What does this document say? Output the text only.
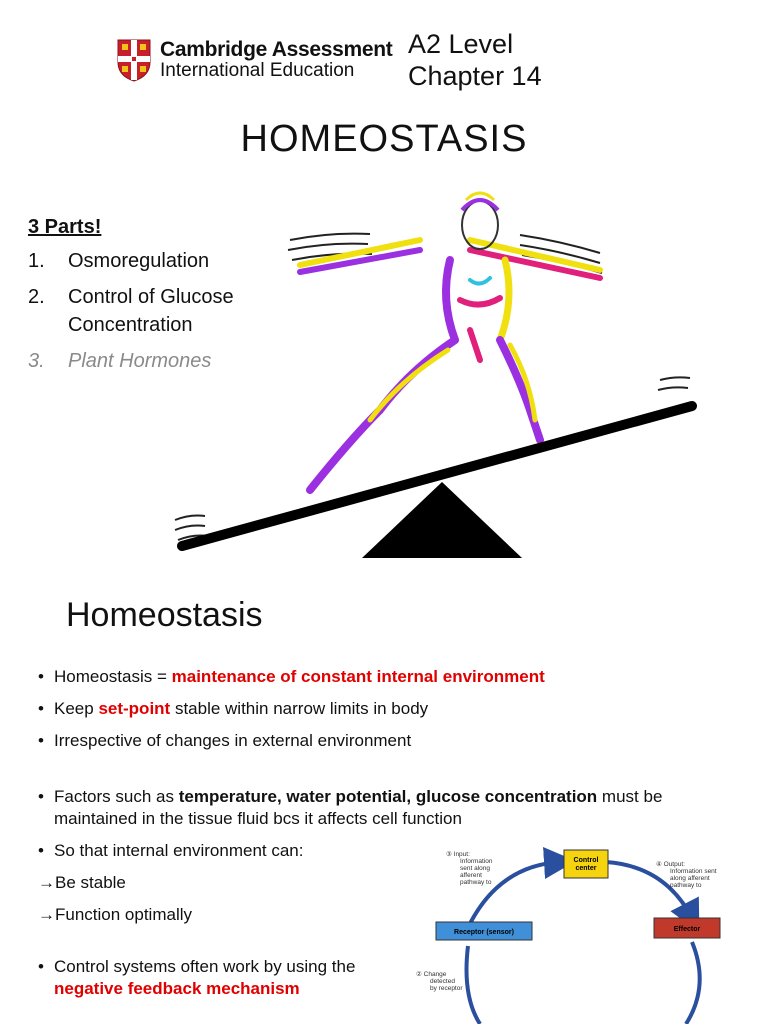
Cambridge Assessment
International Education
A2 Level
Chapter 14
HOMEOSTASIS
3 Parts!
1.	Osmoregulation
2.	Control of Glucose Concentration
3.	Plant Hormones
Homeostasis
• Homeostasis = maintenance of constant internal environment
• Keep set-point stable within narrow limits in body
• Irrespective of changes in external environment
• Factors such as temperature, water potential, glucose concentration must be maintained in the tissue fluid bcs it affects cell function
• So that internal environment can:
→ Be stable
→ Function optimally
• Control systems often work by using the negative feedback mechanism
Control center
Effector
Receptor (sensor)
③ Input: Information sent along afferent pathway to
④ Output: Information sent along afferent pathway to
② Change detected by receptor
